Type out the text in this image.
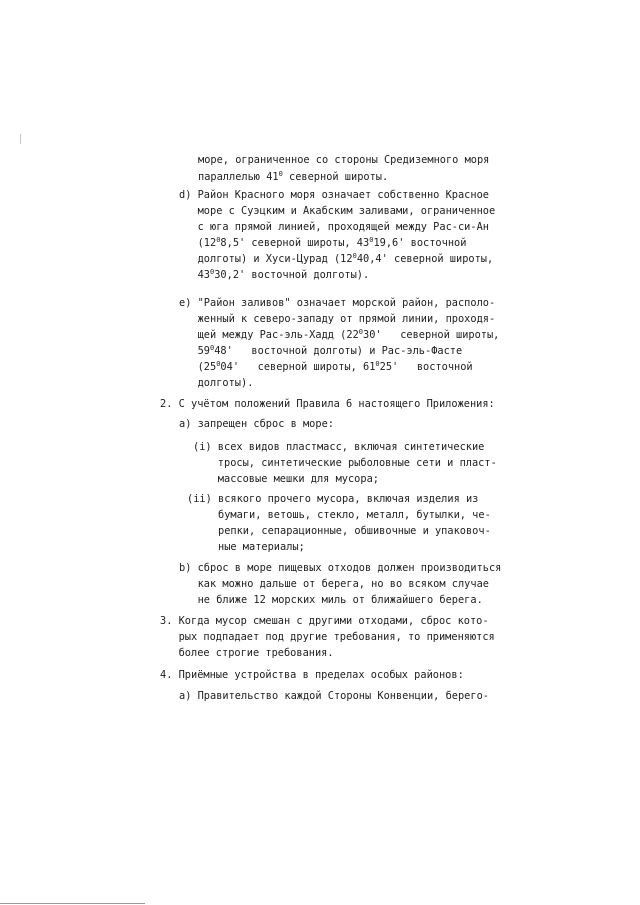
море, ограниченное со стороны Средиземного моря
параллелью $41^0$ северной широты.
d) Район Красного моря означает собственно Красное
море с Суэцким и Акабским заливами, ограниченное
с юга прямой линией, проходящей между Рас-си-Ан
($12^08,5'$ северной широты, $43^019,6'$ восточной
долготы) и Хуси-Цурад ($12^040,4'$ северной широты,
$43^030,2'$ восточной долготы).
e) "Район заливов" означает морской район, располо-
женный к северо-западу от прямой линии, проходя-
щей между Рас-эль-Хадд ($22^030'$   северной широты,
$59^048'$   восточной долготы) и Рас-эль-Фасте
($25^004'$   северной широты, $61^025'$   восточной
долготы).
2. С учётом положений Правила 6 настоящего Приложения:
a) запрещен сброс в море:
(i) всех видов пластмасс, включая синтетические
тросы, синтетические рыболовные сети и пласт-
массовые мешки для мусора;
(ii) всякого прочего мусора, включая изделия из
бумаги, ветошь, стекло, металл, бутылки, че-
репки, сепарационные, обшивочные и упаковоч-
ные материалы;
b) сброс в море пищевых отходов должен производиться
как можно дальше от берега, но во всяком случае
не ближе 12 морских миль от ближайшего берега.
3. Когда мусор смешан с другими отходами, сброс кото-
рых подпадает под другие требования, то применяются
более строгие требования.
4. Приёмные устройства в пределах особых районов:
a) Правительство каждой Стороны Конвенции, берего-
